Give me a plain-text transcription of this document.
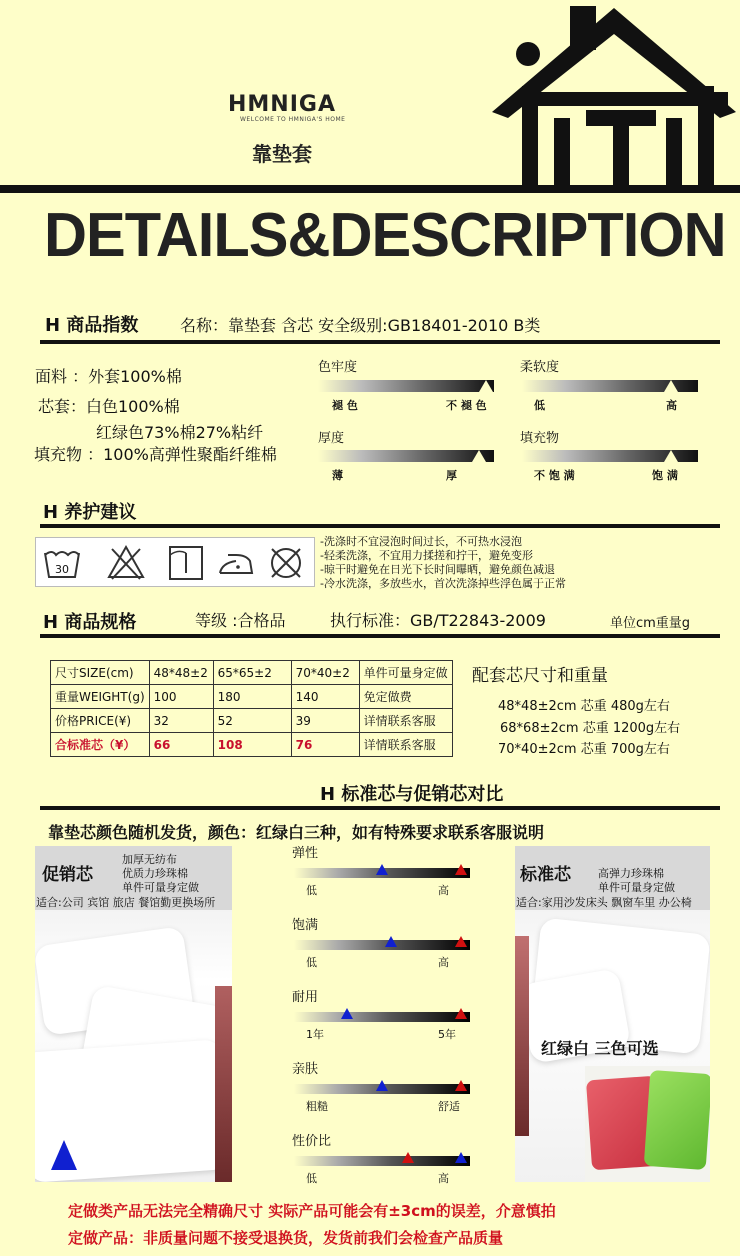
HMNIGA
WELCOME TO HMNIGA'S HOME
靠垫套
DETAILS&DESCRIPTION
H 商品指数	名称：靠垫套 含芯 安全级别:GB18401-2010 B类
面料 ：外套100%棉
芯套：白色100%棉
红绿色73%棉27%粘纤
填充物 ：100%高弹性聚酯纤维棉
色牢度
褪 色	不 褪 色
柔软度
低	高
厚度
薄	厚
填充物
不 饱 满	饱 满
H 养护建议
30
-洗涤时不宜浸泡时间过长，不可热水浸泡
-轻柔洗涤，不宜用力揉搓和拧干，避免变形
-晾干时避免在日光下长时间曝晒，避免颜色减退
-冷水洗涤，多放些水，首次洗涤掉些浮色属于正常
H 商品规格	等级 :合格品	执行标准：GB/T22843-2009	单位cm重量g
尺寸SIZE(cm)	48*48±2	65*65±2	70*40±2	单件可量身定做
重量WEIGHT(g)	100	180	140	免定做费
价格PRICE(¥)	32	52	39	详情联系客服
合标准芯（¥）	66	108	76	详情联系客服
配套芯尺寸和重量
48*48±2cm 芯重 480g左右
68*68±2cm 芯重 1200g左右
70*40±2cm 芯重 700g左右
H 标准芯与促销芯对比
靠垫芯颜色随机发货，颜色：红绿白三种，如有特殊要求联系客服说明
促销芯
加厚无纺布
优质力珍珠棉
单件可量身定做
适合:公司 宾馆 旅店 餐馆勤更换场所
标准芯 高弹力珍珠棉
单件可量身定做
适合:家用沙发床头 飘窗车里 办公椅
红绿白 三色可选
弹性
低	高
饱满
低	高
耐用
1年	5年
亲肤
粗糙	舒适
性价比
低	高
定做类产品无法完全精确尺寸 实际产品可能会有±3cm的误差，介意慎拍
定做产品：非质量问题不接受退换货，发货前我们会检查产品质量
